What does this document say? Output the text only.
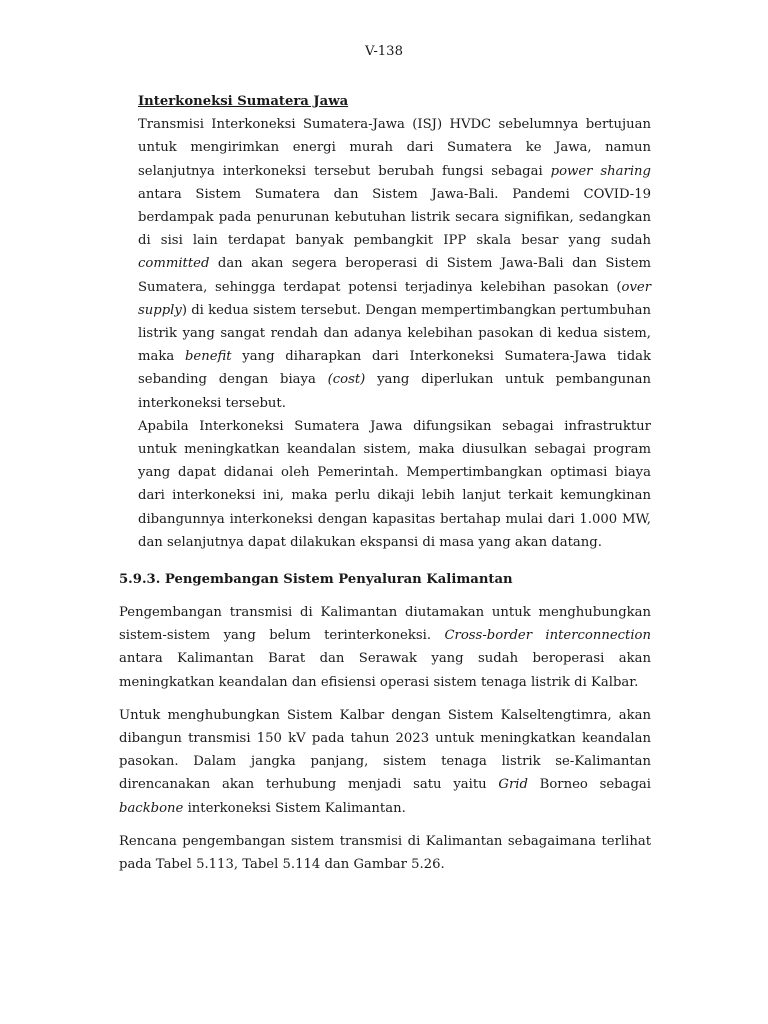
V-138
Interkoneksi Sumatera Jawa

Transmisi Interkoneksi Sumatera-Jawa (ISJ) HVDC sebelumnya bertujuan untuk mengirimkan energi murah dari Sumatera ke Jawa, namun selanjutnya interkoneksi tersebut berubah fungsi sebagai power sharing antara Sistem Sumatera dan Sistem Jawa-Bali. Pandemi COVID-19 berdampak pada penurunan kebutuhan listrik secara signifikan, sedangkan di sisi lain terdapat banyak pembangkit IPP skala besar yang sudah committed dan akan segera beroperasi di Sistem Jawa-Bali dan Sistem Sumatera, sehingga terdapat potensi terjadinya kelebihan pasokan (over supply) di kedua sistem tersebut. Dengan mempertimbangkan pertumbuhan listrik yang sangat rendah dan adanya kelebihan pasokan di kedua sistem, maka benefit yang diharapkan dari Interkoneksi Sumatera-Jawa tidak sebanding dengan biaya (cost) yang diperlukan untuk pembangunan interkoneksi tersebut.

Apabila Interkoneksi Sumatera Jawa difungsikan sebagai infrastruktur untuk meningkatkan keandalan sistem, maka diusulkan sebagai program yang dapat didanai oleh Pemerintah. Mempertimbangkan optimasi biaya dari interkoneksi ini, maka perlu dikaji lebih lanjut terkait kemungkinan dibangunnya interkoneksi dengan kapasitas bertahap mulai dari 1.000 MW, dan selanjutnya dapat dilakukan ekspansi di masa yang akan datang.

5.9.3. Pengembangan Sistem Penyaluran Kalimantan

Pengembangan transmisi di Kalimantan diutamakan untuk menghubungkan sistem-sistem yang belum terinterkoneksi. Cross-border interconnection antara Kalimantan Barat dan Serawak yang sudah beroperasi akan meningkatkan keandalan dan efisiensi operasi sistem tenaga listrik di Kalbar.

Untuk menghubungkan Sistem Kalbar dengan Sistem Kalseltengtimra, akan dibangun transmisi 150 kV pada tahun 2023 untuk meningkatkan keandalan pasokan. Dalam jangka panjang, sistem tenaga listrik se-Kalimantan direncanakan akan terhubung menjadi satu yaitu Grid Borneo sebagai backbone interkoneksi Sistem Kalimantan.

Rencana pengembangan sistem transmisi di Kalimantan sebagaimana terlihat pada Tabel 5.113, Tabel 5.114 dan Gambar 5.26.
